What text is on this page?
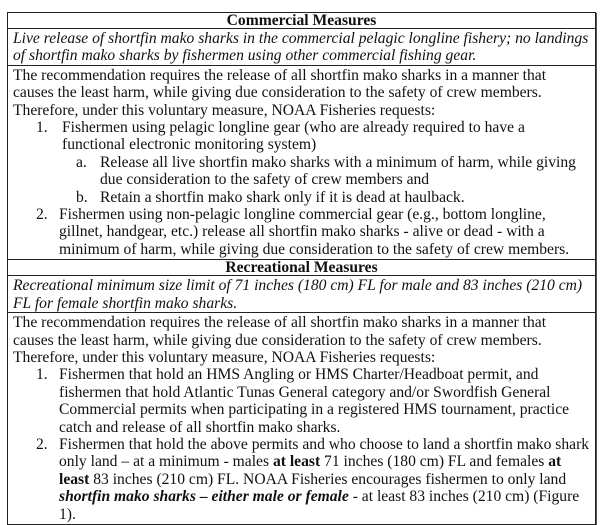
Commercial Measures
Live release of shortfin mako sharks in the commercial pelagic longline fishery; no landings of shortfin mako sharks by fishermen using other commercial fishing gear.
The recommendation requires the release of all shortfin mako sharks in a manner that causes the least harm, while giving due consideration to the safety of crew members. Therefore, under this voluntary measure, NOAA Fisheries requests:
1. Fishermen using pelagic longline gear (who are already required to have a functional electronic monitoring system)
a. Release all live shortfin mako sharks with a minimum of harm, while giving due consideration to the safety of crew members and
b. Retain a shortfin mako shark only if it is dead at haulback.
2. Fishermen using non-pelagic longline commercial gear (e.g., bottom longline, gillnet, handgear, etc.) release all shortfin mako sharks - alive or dead - with a minimum of harm, while giving due consideration to the safety of crew members.
Recreational Measures
Recreational minimum size limit of 71 inches (180 cm) FL for male and 83 inches (210 cm) FL for female shortfin mako sharks.
The recommendation requires the release of all shortfin mako sharks in a manner that causes the least harm, while giving due consideration to the safety of crew members. Therefore, under this voluntary measure, NOAA Fisheries requests:
1. Fishermen that hold an HMS Angling or HMS Charter/Headboat permit, and fishermen that hold Atlantic Tunas General category and/or Swordfish General Commercial permits when participating in a registered HMS tournament, practice catch and release of all shortfin mako sharks.
2. Fishermen that hold the above permits and who choose to land a shortfin mako shark only land – at a minimum - males at least 71 inches (180 cm) FL and females at least 83 inches (210 cm) FL. NOAA Fisheries encourages fishermen to only land shortfin mako sharks – either male or female - at least 83 inches (210 cm) (Figure 1).
